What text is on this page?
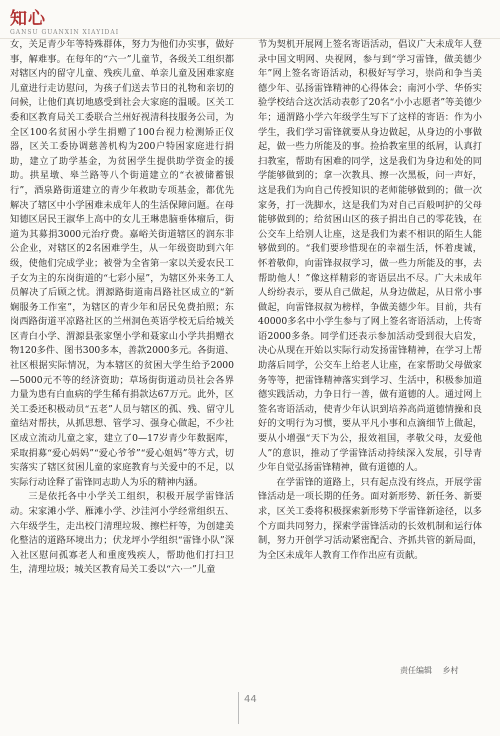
知心
GANSU GUANXIN XIAYIDAI

女，关足青少年等特殊群体，努力为他们办实事，做好事，解难事。在每年的“六一”儿童节，各级关工组织都对辖区内的留守儿童、残疾儿童、单亲儿童及困难家庭儿童进行走访慰问，为孩子们送去节日的礼物和亲切的问候，让他们真切地感受到社会大家庭的温暖。区关工委和区教育局关工委联合兰州好视清科技服务公司，为全区100名贫困小学生捐赠了100台视力检测矫正仪器，区关工委协调慈善机构为200户特困家庭进行捐助，建立了助学基金，为贫困学生提供助学资金的援助。拱星墩、皋兰路等八个街道建立的“衣被储蓄银行”，酒泉路街道建立的青少年救助专项基金，都优先解决了辖区中小学困难未成年人的生活保障问题。在母知德区居民王淑华上高中的女儿王琳患脑垂体瘤后，街道为其募捐3000元治疗费。嘉峪关街道辖区的润东非公企业，对辖区的2名困难学生，从一年级资助到六年级，使他们完成学业；被誉为全省第一家以关爱农民工子女为主的东岗街道的“七彩小屋”，为辖区外来务工人员解决了后顾之忧。渭源路街道南昌路社区成立的“新娴服务工作室”，为辖区的青少年和居民免费拍照；东岗西路街道平凉路社区的兰州洞色英语学校无后给城关区青白小学、渭源县张家堡小学和聂家山小学共捐赠衣物120多件、图书300多本，善款2000多元。各街道、社区根据实际情况，为本辖区的贫困大学生给予2000—5000元不等的经济资助；草场街街道动员社会各界力量为患有白血病的学生稀有捐款达67万元。此外，区关工委还积极动员“五老”人员与辖区的孤、残、留守儿童结对帮扶，从抓思想、管学习、强身心做起，不少社区成立流动儿童之家，建立了0—17岁青少年数据库，采取捐募“爱心妈妈”“爱心爷爷”“爱心姐妈”等方式，切实落实了辖区贫困儿童的家庭教育与关爱中的不足，以实际行动诠释了雷锋同志助人为乐的精神内涵。

三是依托各中小学关工组织，积极开展学雷锋活动。宋家滩小学、雁滩小学、沙洼河小学经常组织五、六年级学生，走出校门清理垃圾、擦栏杆等，为创建美化整洁的道路环境出力；伏龙坪小学组织“雷锋小队”深入社区慰问孤寡老人和重度残疾人，帮助他们打扫卫生，清理垃圾；城关区教育局关工委以“六·一”儿童

节为契机开展网上签名寄语活动，倡议广大未成年人登录中国文明网、央视网，参与到“学习雷锋，做美德少年”网上签名寄语活动，积极好写学习，崇尚和争当美德少年、弘扬雷锋精神的心得体会；南河小学、华侨实验学校结合这次活动表彰了20名“小小志愿者”等美德少年；通渭路小学六年级学生写下了这样的寄语：作为小学生，我们学习雷锋就要从身边做起，从身边的小事做起，做一些力所能及的事。捡拾教室里的纸屑，认真打扫教室，帮助有困难的同学，这是我们为身边和处的同学能够做到的；拿一次教具、擦一次黑板，问一声好，这是我们为向自己传授知识的老师能够做到的；做一次家务，打一洗脚水，这是我们为对自己百般呵护的父母能够做到的；给贫困山区的孩子捐出自己的零花钱，在公交车上给别人让座，这是我们为素不相识的陌生人能够做到的。“我们要珍惜现在的幸福生活，怀着虔诚，怀着敬仰，向雷锋叔叔学习，做一些力所能及的事，去帮助他人！”像这样精彩的寄语层出不尽。广大未成年人纷纷表示，要从自己做起，从身边做起，从日常小事做起，向雷锋叔叔为榜样，争做美德少年。目前，共有40000多名中小学生参与了网上签名寄语活动，上传寄语2000多条。同学们还表示参加活动受到很大启发，决心从现在开始以实际行动发扬雷锋精神，在学习上帮助落后同学，公交车上给老人让座，在家帮助父母做家务等等，把雷锋精神落实到学习、生活中，积极参加道德实践活动，力争日行一善，做有道德的人。通过网上签名寄语活动，使青少年认识到培养高尚道德情操和良好的文明行为习惯，要从平凡小事和点滴细节上做起，要从小增强“天下为公，报效祖国，孝敬父母，友爱他人”的意识，推动了学雷锋活动持续深入发展，引导青少年自觉弘扬雷锋精神，做有道德的人。

在学雷锋的道路上，只有起点没有终点，开展学雷锋活动是一项长期的任务。面对新形势、新任务、新要求，区关工委将积极探索新形势下学雷锋新途径，以多个方面共同努力，探索学雷锋活动的长效机制和运行体制，努力开创学习活动紧密配合、齐抓共管的新局面，为全区未成年人教育工作作出应有贡献。

责任编辑 乡村
44
